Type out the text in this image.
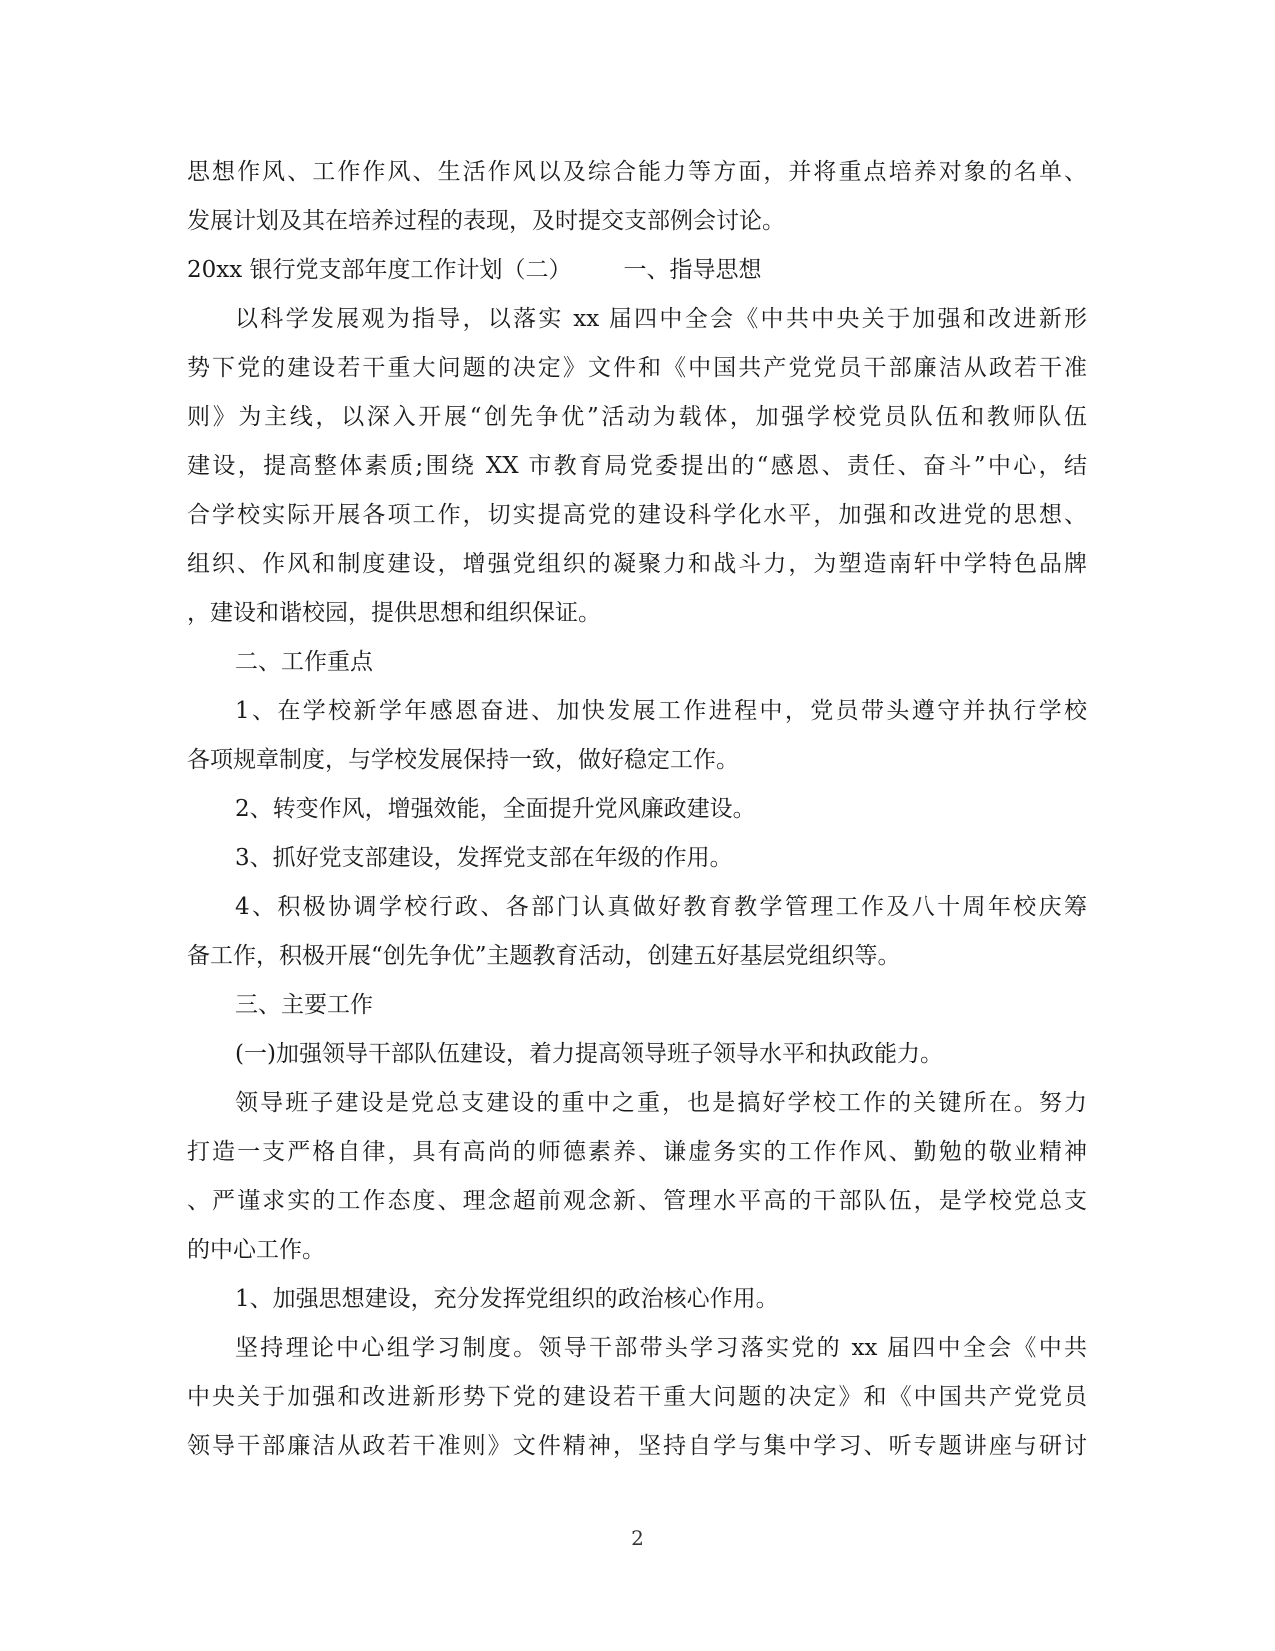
思想作风、工作作风、生活作风以及综合能力等方面，并将重点培养对象的名单、
发展计划及其在培养过程的表现，及时提交支部例会讨论。
20xx 银行党支部年度工作计划（二） 一、指导思想
以科学发展观为指导，以落实 xx 届四中全会《中共中央关于加强和改进新形
势下党的建设若干重大问题的决定》文件和《中国共产党党员干部廉洁从政若干准
则》为主线，以深入开展“创先争优”活动为载体，加强学校党员队伍和教师队伍
建设，提高整体素质;围绕 XX 市教育局党委提出的“感恩、责任、奋斗”中心，结
合学校实际开展各项工作，切实提高党的建设科学化水平，加强和改进党的思想、
组织、作风和制度建设，增强党组织的凝聚力和战斗力，为塑造南轩中学特色品牌
，建设和谐校园，提供思想和组织保证。
二、工作重点
1、在学校新学年感恩奋进、加快发展工作进程中，党员带头遵守并执行学校
各项规章制度，与学校发展保持一致，做好稳定工作。
2、转变作风，增强效能，全面提升党风廉政建设。
3、抓好党支部建设，发挥党支部在年级的作用。
4、积极协调学校行政、各部门认真做好教育教学管理工作及八十周年校庆筹
备工作，积极开展“创先争优”主题教育活动，创建五好基层党组织等。
三、主要工作
(一)加强领导干部队伍建设，着力提高领导班子领导水平和执政能力。
领导班子建设是党总支建设的重中之重，也是搞好学校工作的关键所在。努力
打造一支严格自律，具有高尚的师德素养、谦虚务实的工作作风、勤勉的敬业精神
、严谨求实的工作态度、理念超前观念新、管理水平高的干部队伍，是学校党总支
的中心工作。
1、加强思想建设，充分发挥党组织的政治核心作用。
坚持理论中心组学习制度。领导干部带头学习落实党的 xx 届四中全会《中共
中央关于加强和改进新形势下党的建设若干重大问题的决定》和《中国共产党党员
领导干部廉洁从政若干准则》文件精神，坚持自学与集中学习、听专题讲座与研讨
2
